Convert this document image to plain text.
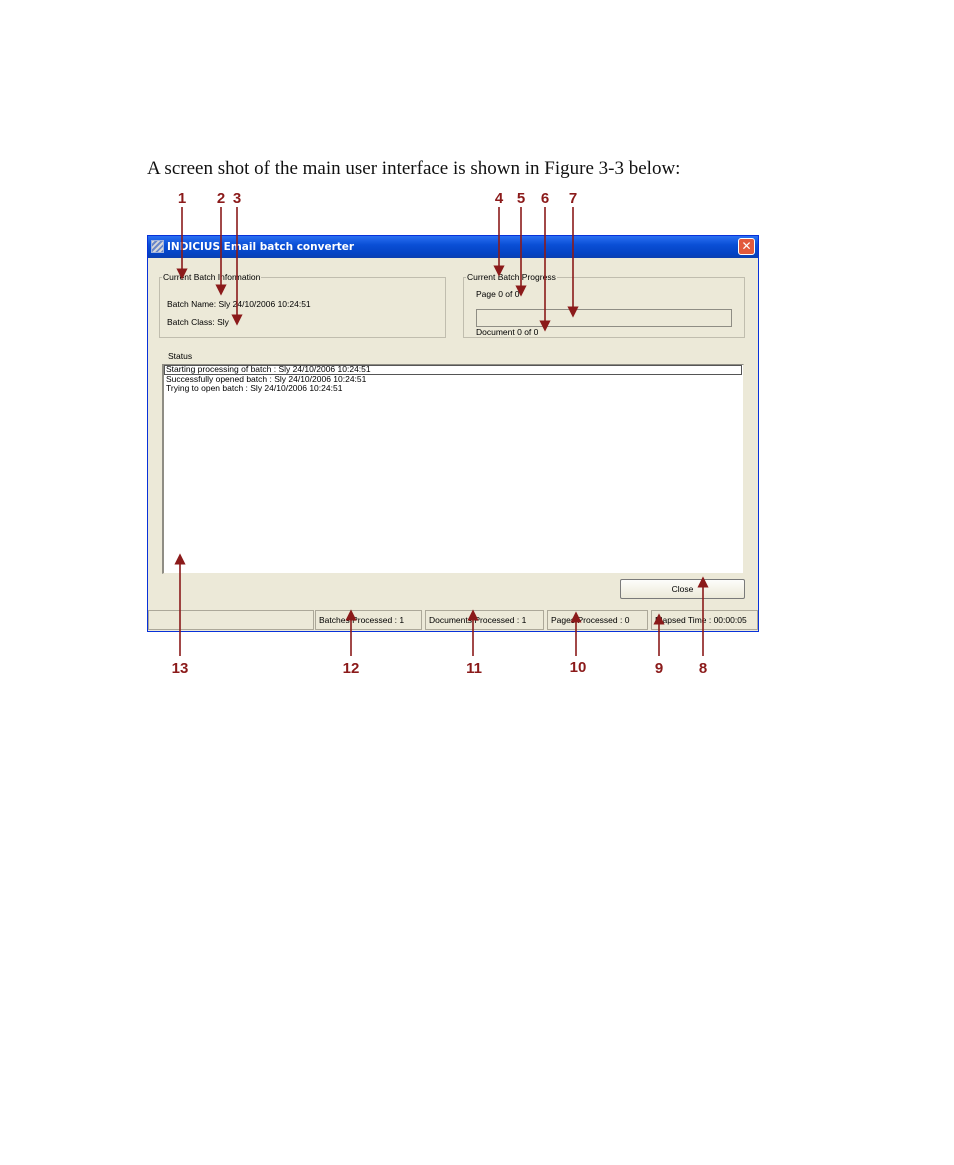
A screen shot of the main user interface is shown in Figure 3-3 below:
1 2 3	4 5 6 7
INDICIUS Email batch converter	✕
Current Batch Information
Batch Name: Sly 24/10/2006 10:24:51
Batch Class: Sly
Current Batch Progress
Page 0 of 0
Document 0 of 0
Status
Starting processing of batch : Sly 24/10/2006 10:24:51
Successfully opened batch : Sly 24/10/2006 10:24:51
Trying to open batch : Sly 24/10/2006 10:24:51
Close
Batches Processed : 1	Documents Processed : 1	Pages Processed : 0	Elapsed Time : 00:00:05
13	12	11	10	9 8
